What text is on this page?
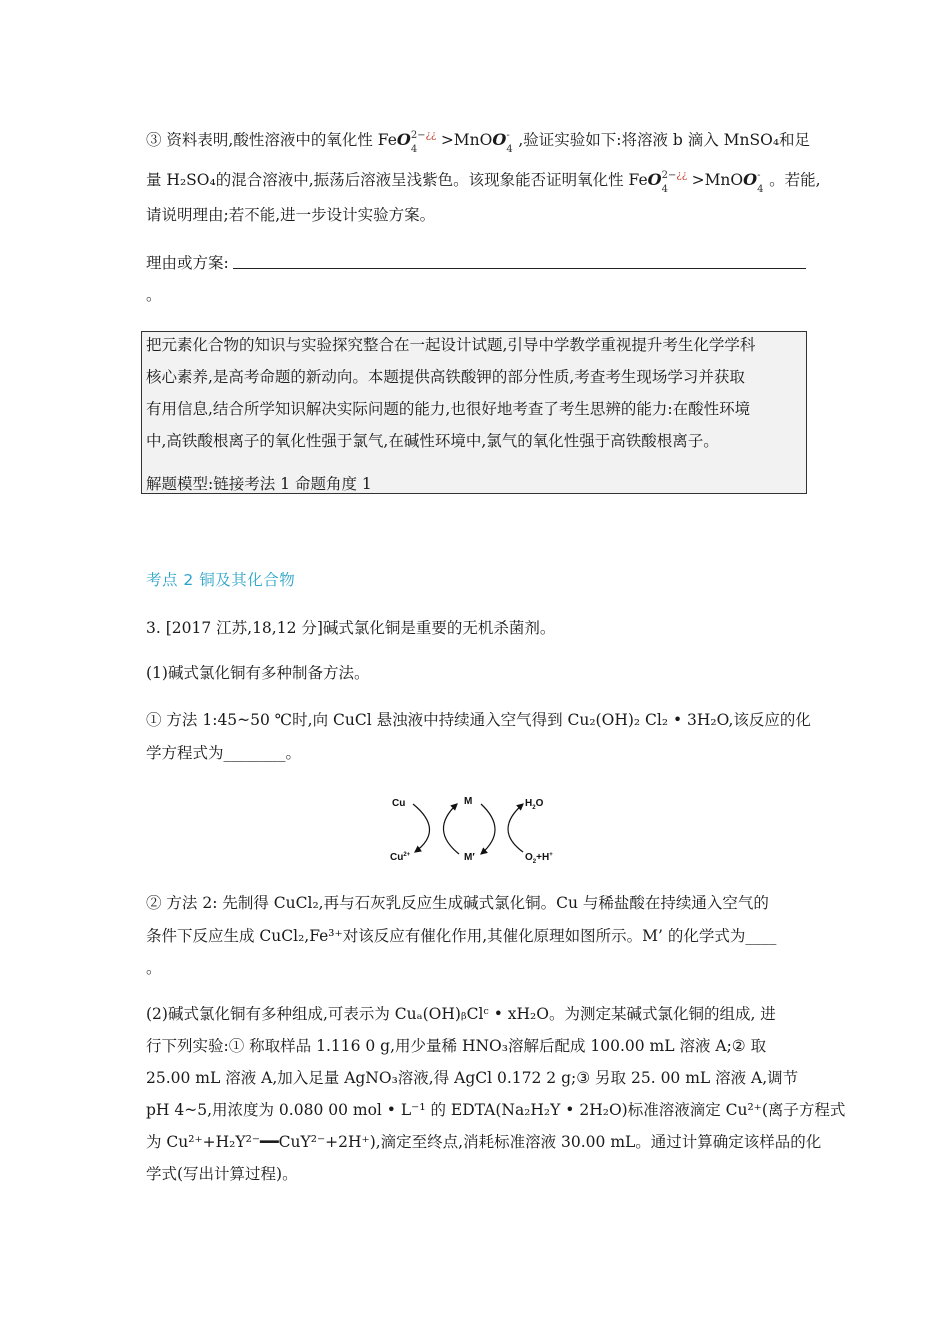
③ 资料表明,酸性溶液中的氧化性 FeO 2−¿¿
4
>MnOO -
4
,验证实验如下:将溶液 b 滴入 MnSO₄和足
量 H₂SO₄的混合溶液中,振荡后溶液呈浅紫色。该现象能否证明氧化性 FeO 2−¿¿
4
>MnOO -
4
。若能,
请说明理由;若不能,进一步设计实验方案。
理由或方案:
。
把元素化合物的知识与实验探究整合在一起设计试题,引导中学教学重视提升考生化学学科
核心素养,是高考命题的新动向。本题提供高铁酸钾的部分性质,考查考生现场学习并获取
有用信息,结合所学知识解决实际问题的能力,也很好地考查了考生思辨的能力:在酸性环境
中,高铁酸根离子的氧化性强于氯气,在碱性环境中,氯气的氧化性强于高铁酸根离子。
解题模型:链接考法 1 命题角度 1
考点 2 铜及其化合物
3. [2017 江苏,18,12 分]碱式氯化铜是重要的无机杀菌剂。
(1)碱式氯化铜有多种制备方法。
① 方法 1:45~50 ℃时,向 CuCl 悬浊液中持续通入空气得到 Cu₂(OH)₂ Cl₂ • 3H₂O,该反应的化
学方程式为________。
Cu
$Cu^{2+}$
M
M′
$H_2O$
$O_2+H^+$
② 方法 2: 先制得 CuCl₂,再与石灰乳反应生成碱式氯化铜。Cu 与稀盐酸在持续通入空气的
条件下反应生成 CuCl₂,Fe³⁺对该反应有催化作用,其催化原理如图所示。M’ 的化学式为____
。
(2)碱式氯化铜有多种组成,可表示为 Cuₐ(OH)ᵦClᶜ • xH₂O。为测定某碱式氯化铜的组成, 进
行下列实验:① 称取样品 1.116 0 g,用少量稀 HNO₃溶解后配成 100.00 mL 溶液 A;② 取
25.00 mL 溶液 A,加入足量 AgNO₃溶液,得 AgCl 0.172 2 g;③ 另取 25. 00 mL 溶液 A,调节
pH 4~5,用浓度为 0.080 00 mol • L⁻¹ 的 EDTA(Na₂H₂Y • 2H₂O)标准溶液滴定 Cu²⁺(离子方程式
为 Cu²⁺+H₂Y²⁻━━CuY²⁻+2H⁺),滴定至终点,消耗标准溶液 30.00 mL。通过计算确定该样品的化
学式(写出计算过程)。
